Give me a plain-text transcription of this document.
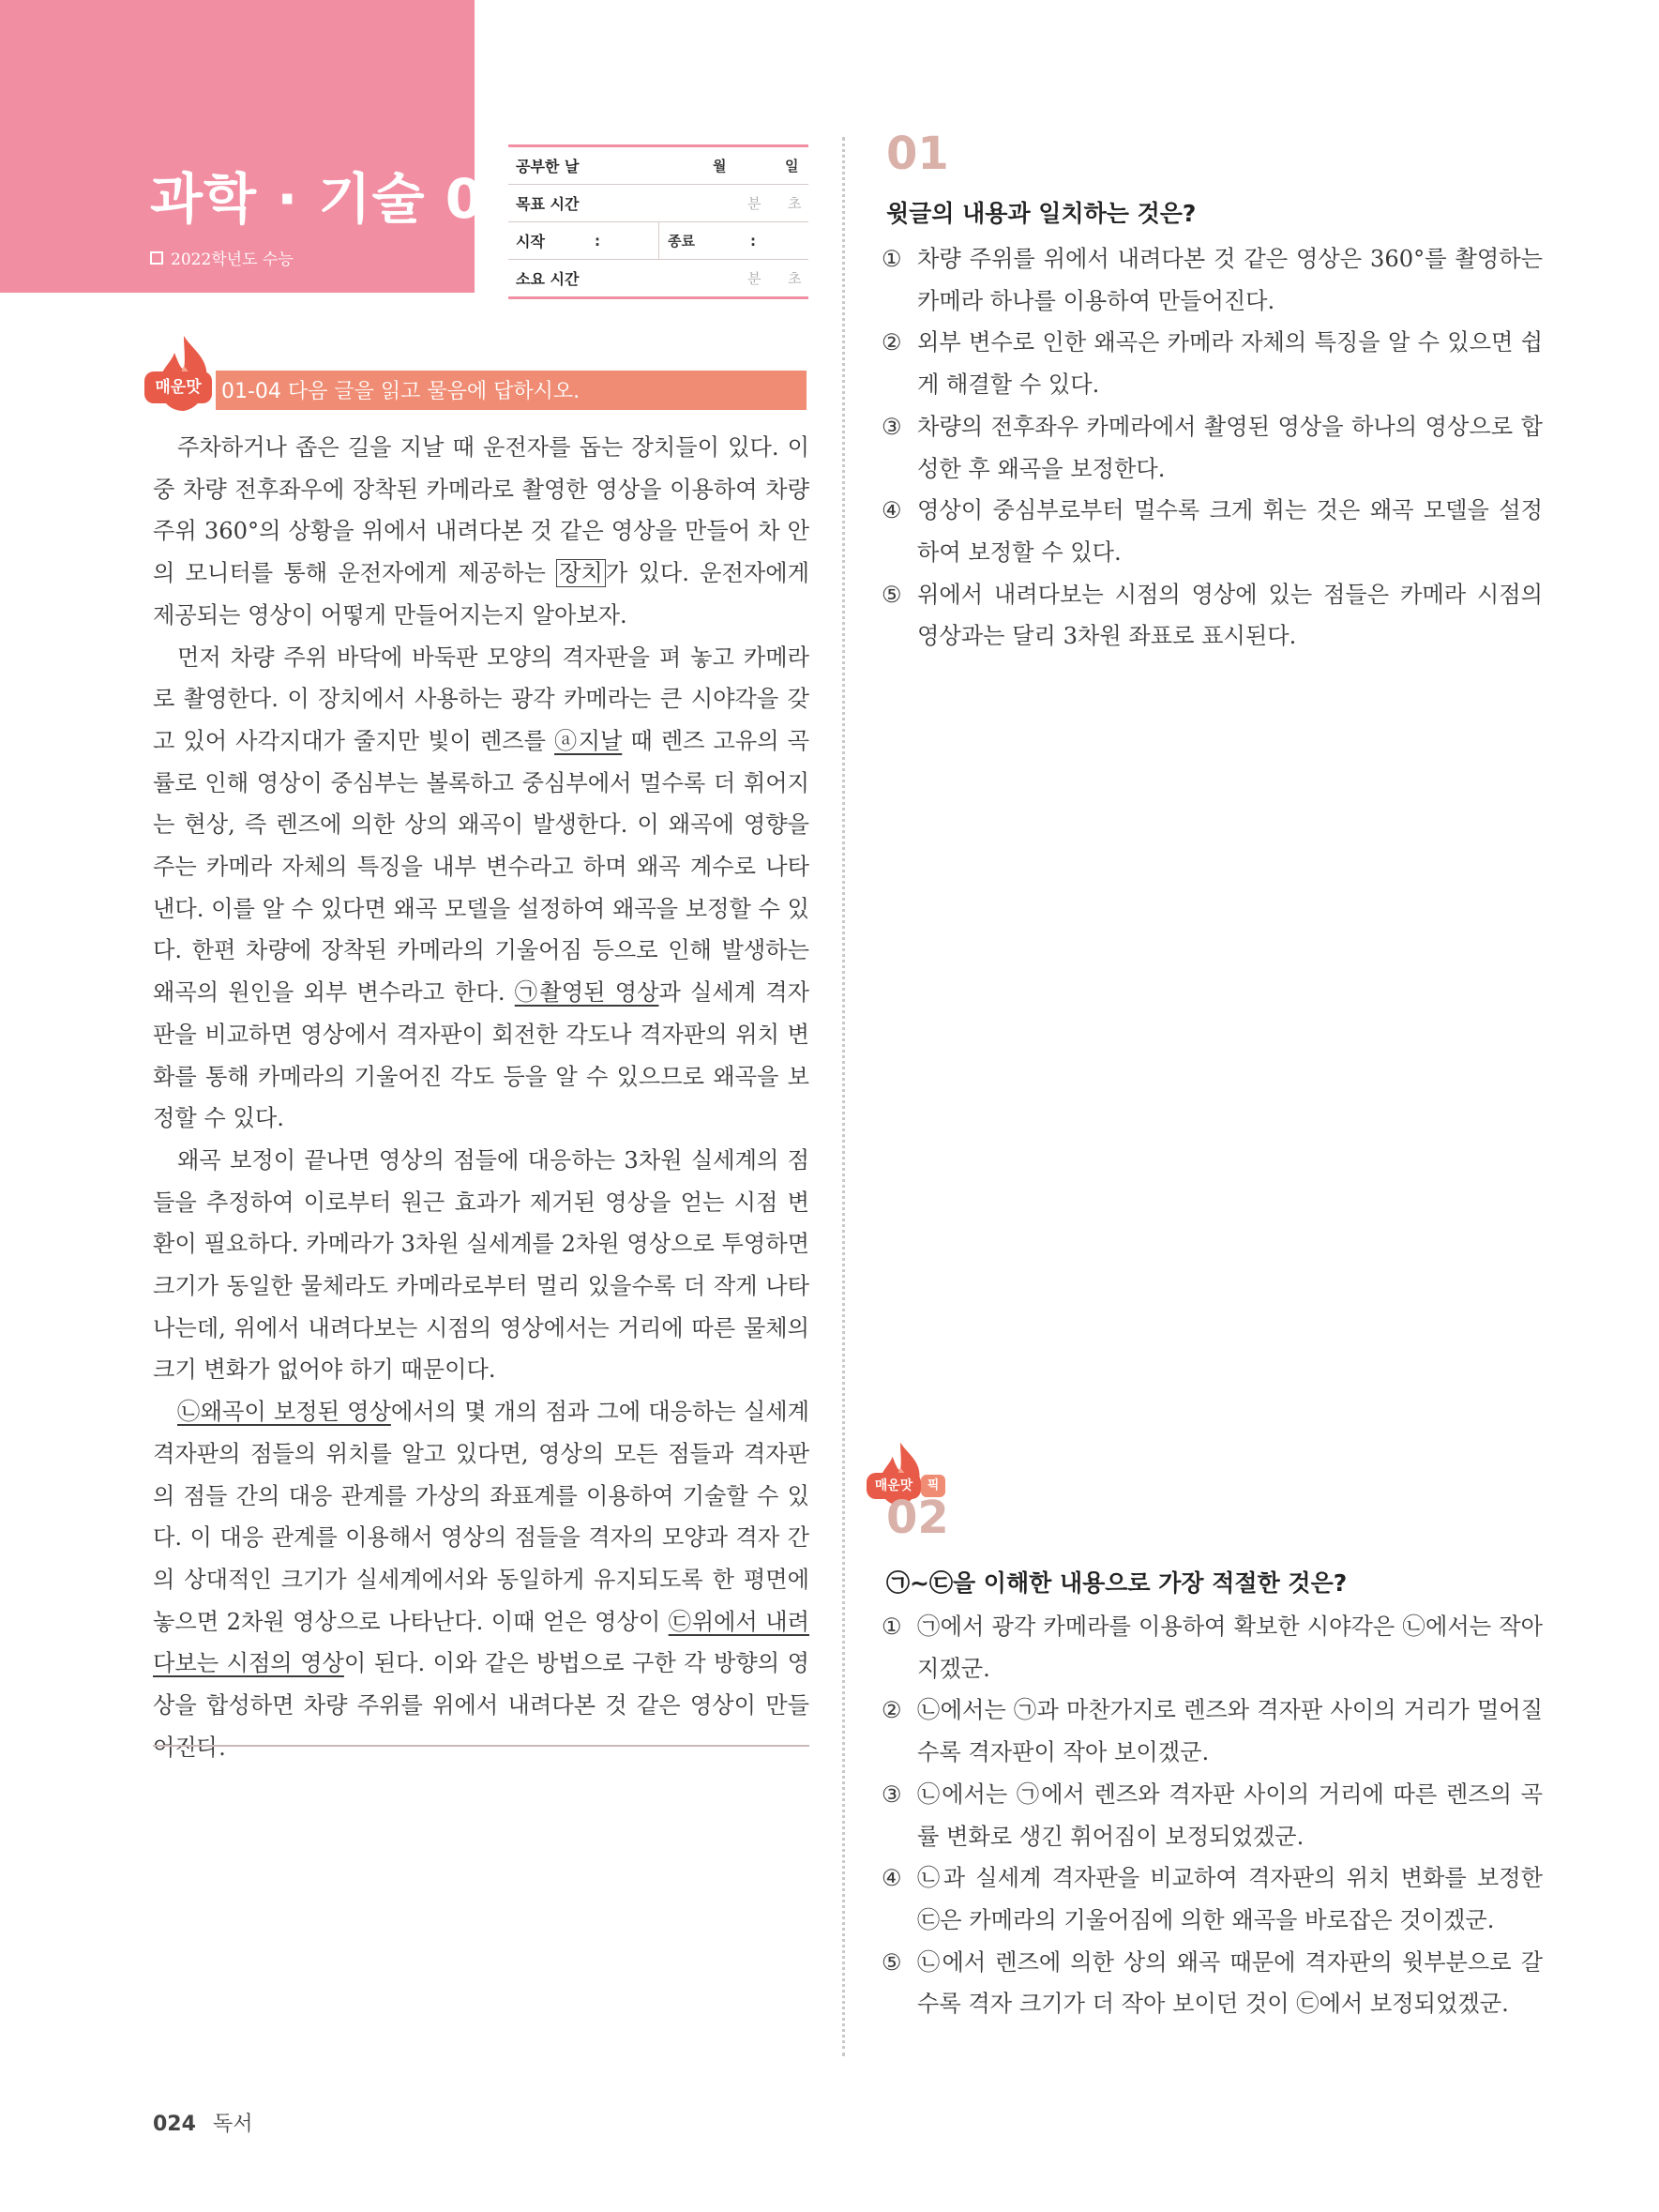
과학 · 기술 01
2022학년도 수능
공부한 날	월	일
목표 시간	분 초
시작	:	종료	:
소요 시간	분 초
매운맛 01-04 다음 글을 읽고 물음에 답하시오.

주차하거나 좁은 길을 지날 때 운전자를 돕는 장치들이 있다. 이 중 차량 전후좌우에 장착된 카메라로 촬영한 영상을 이용하여 차량 주위 360°의 상황을 위에서 내려다본 것 같은 영상을 만들어 차 안의 모니터를 통해 운전자에게 제공하는 장치 가 있다. 운전자에게 제공되는 영상이 어떻게 만들어지는지 알아보자.

먼저 차량 주위 바닥에 바둑판 모양의 격자판을 펴 놓고 카메라로 촬영한다. 이 장치에서 사용하는 광각 카메라는 큰 시야각을 갖고 있어 사각지대가 줄지만 빛이 렌즈를 ⓐ지날 때 렌즈 고유의 곡률로 인해 영상이 중심부는 볼록하고 중심부에서 멀수록 더 휘어지는 현상, 즉 렌즈에 의한 상의 왜곡이 발생한다. 이 왜곡에 영향을 주는 카메라 자체의 특징을 내부 변수라고 하며 왜곡 계수로 나타낸다. 이를 알 수 있다면 왜곡 모델을 설정하여 왜곡을 보정할 수 있다. 한편 차량에 장착된 카메라의 기울어짐 등으로 인해 발생하는 왜곡의 원인을 외부 변수라고 한다. ㉠촬영된 영상과 실세계 격자판을 비교하면 영상에서 격자판이 회전한 각도나 격자판의 위치 변화를 통해 카메라의 기울어진 각도 등을 알 수 있으므로 왜곡을 보정할 수 있다.

왜곡 보정이 끝나면 영상의 점들에 대응하는 3차원 실세계의 점들을 추정하여 이로부터 원근 효과가 제거된 영상을 얻는 시점 변환이 필요하다. 카메라가 3차원 실세계를 2차원 영상으로 투영하면 크기가 동일한 물체라도 카메라로부터 멀리 있을수록 더 작게 나타나는데, 위에서 내려다보는 시점의 영상에서는 거리에 따른 물체의 크기 변화가 없어야 하기 때문이다.

㉡왜곡이 보정된 영상에서의 몇 개의 점과 그에 대응하는 실세계 격자판의 점들의 위치를 알고 있다면, 영상의 모든 점들과 격자판의 점들 간의 대응 관계를 가상의 좌표계를 이용하여 기술할 수 있다. 이 대응 관계를 이용해서 영상의 점들을 격자의 모양과 격자 간의 상대적인 크기가 실세계에서와 동일하게 유지되도록 한 평면에 놓으면 2차원 영상으로 나타난다. 이때 얻은 영상이 ㉢위에서 내려다보는 시점의 영상이 된다. 이와 같은 방법으로 구한 각 방향의 영상을 합성하면 차량 주위를 위에서 내려다본 것 같은 영상이 만들어진다.

01
윗글의 내용과 일치하는 것은?
① 차량 주위를 위에서 내려다본 것 같은 영상은 360°를 촬영하는 카메라 하나를 이용하여 만들어진다.
② 외부 변수로 인한 왜곡은 카메라 자체의 특징을 알 수 있으면 쉽게 해결할 수 있다.
③ 차량의 전후좌우 카메라에서 촬영된 영상을 하나의 영상으로 합성한 후 왜곡을 보정한다.
④ 영상이 중심부로부터 멀수록 크게 휘는 것은 왜곡 모델을 설정하여 보정할 수 있다.
⑤ 위에서 내려다보는 시점의 영상에 있는 점들은 카메라 시점의 영상과는 달리 3차원 좌표로 표시된다.
매운맛	픽
02
㉠~㉢을 이해한 내용으로 가장 적절한 것은?
① ㉠에서 광각 카메라를 이용하여 확보한 시야각은 ㉡에서는 작아지겠군.
② ㉡에서는 ㉠과 마찬가지로 렌즈와 격자판 사이의 거리가 멀어질수록 격자판이 작아 보이겠군.
③ ㉡에서는 ㉠에서 렌즈와 격자판 사이의 거리에 따른 렌즈의 곡률 변화로 생긴 휘어짐이 보정되었겠군.
④ ㉡과 실세계 격자판을 비교하여 격자판의 위치 변화를 보정한 ㉢은 카메라의 기울어짐에 의한 왜곡을 바로잡은 것이겠군.
⑤ ㉡에서 렌즈에 의한 상의 왜곡 때문에 격자판의 윗부분으로 갈수록 격자 크기가 더 작아 보이던 것이 ㉢에서 보정되었겠군.
024 독서
